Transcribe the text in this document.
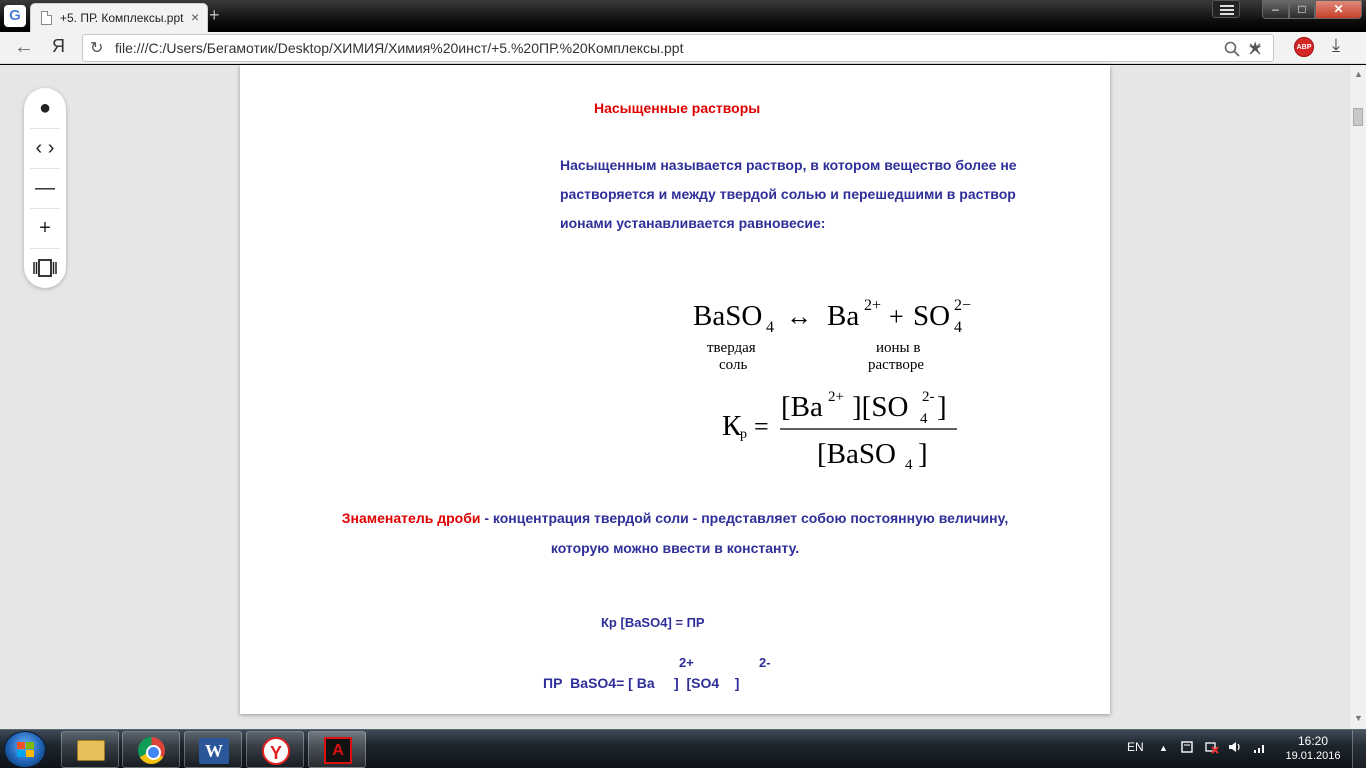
G	+5. ПР. Комплексы.ppt × +	–	□	✕
← Я ↻ file:///C:/Users/Бегамотик/Desktop/ХИМИЯ/Химия%20инст/+5.%20ПР.%20Комплексы.ppt	★	ABP ⤓
▲
▼
●
‹ ›
—
+
Насыщенные растворы
Насыщенным называется раствор, в котором вещество более не растворяется и между твердой солью и перешедшими в раствор ионами устанавливается равновесие:
BaSO 4 ↔ Ba 2+ + SO 4
2−
твердая
соль
ионы в
растворе
К
р =
[Ba 2+ ][SO 4
2- ]
[BaSO 4 ]
Знаменатель дроби - концентрация твердой соли - представляет собою постоянную величину,
которую можно ввести в константу.
Кр [BaSO4] = ПР
2+	2-
ПР  BaSO4= [ Ba     ]  [SO4    ]
W	Y	A	EN ▲	16:20
19.01.2016
